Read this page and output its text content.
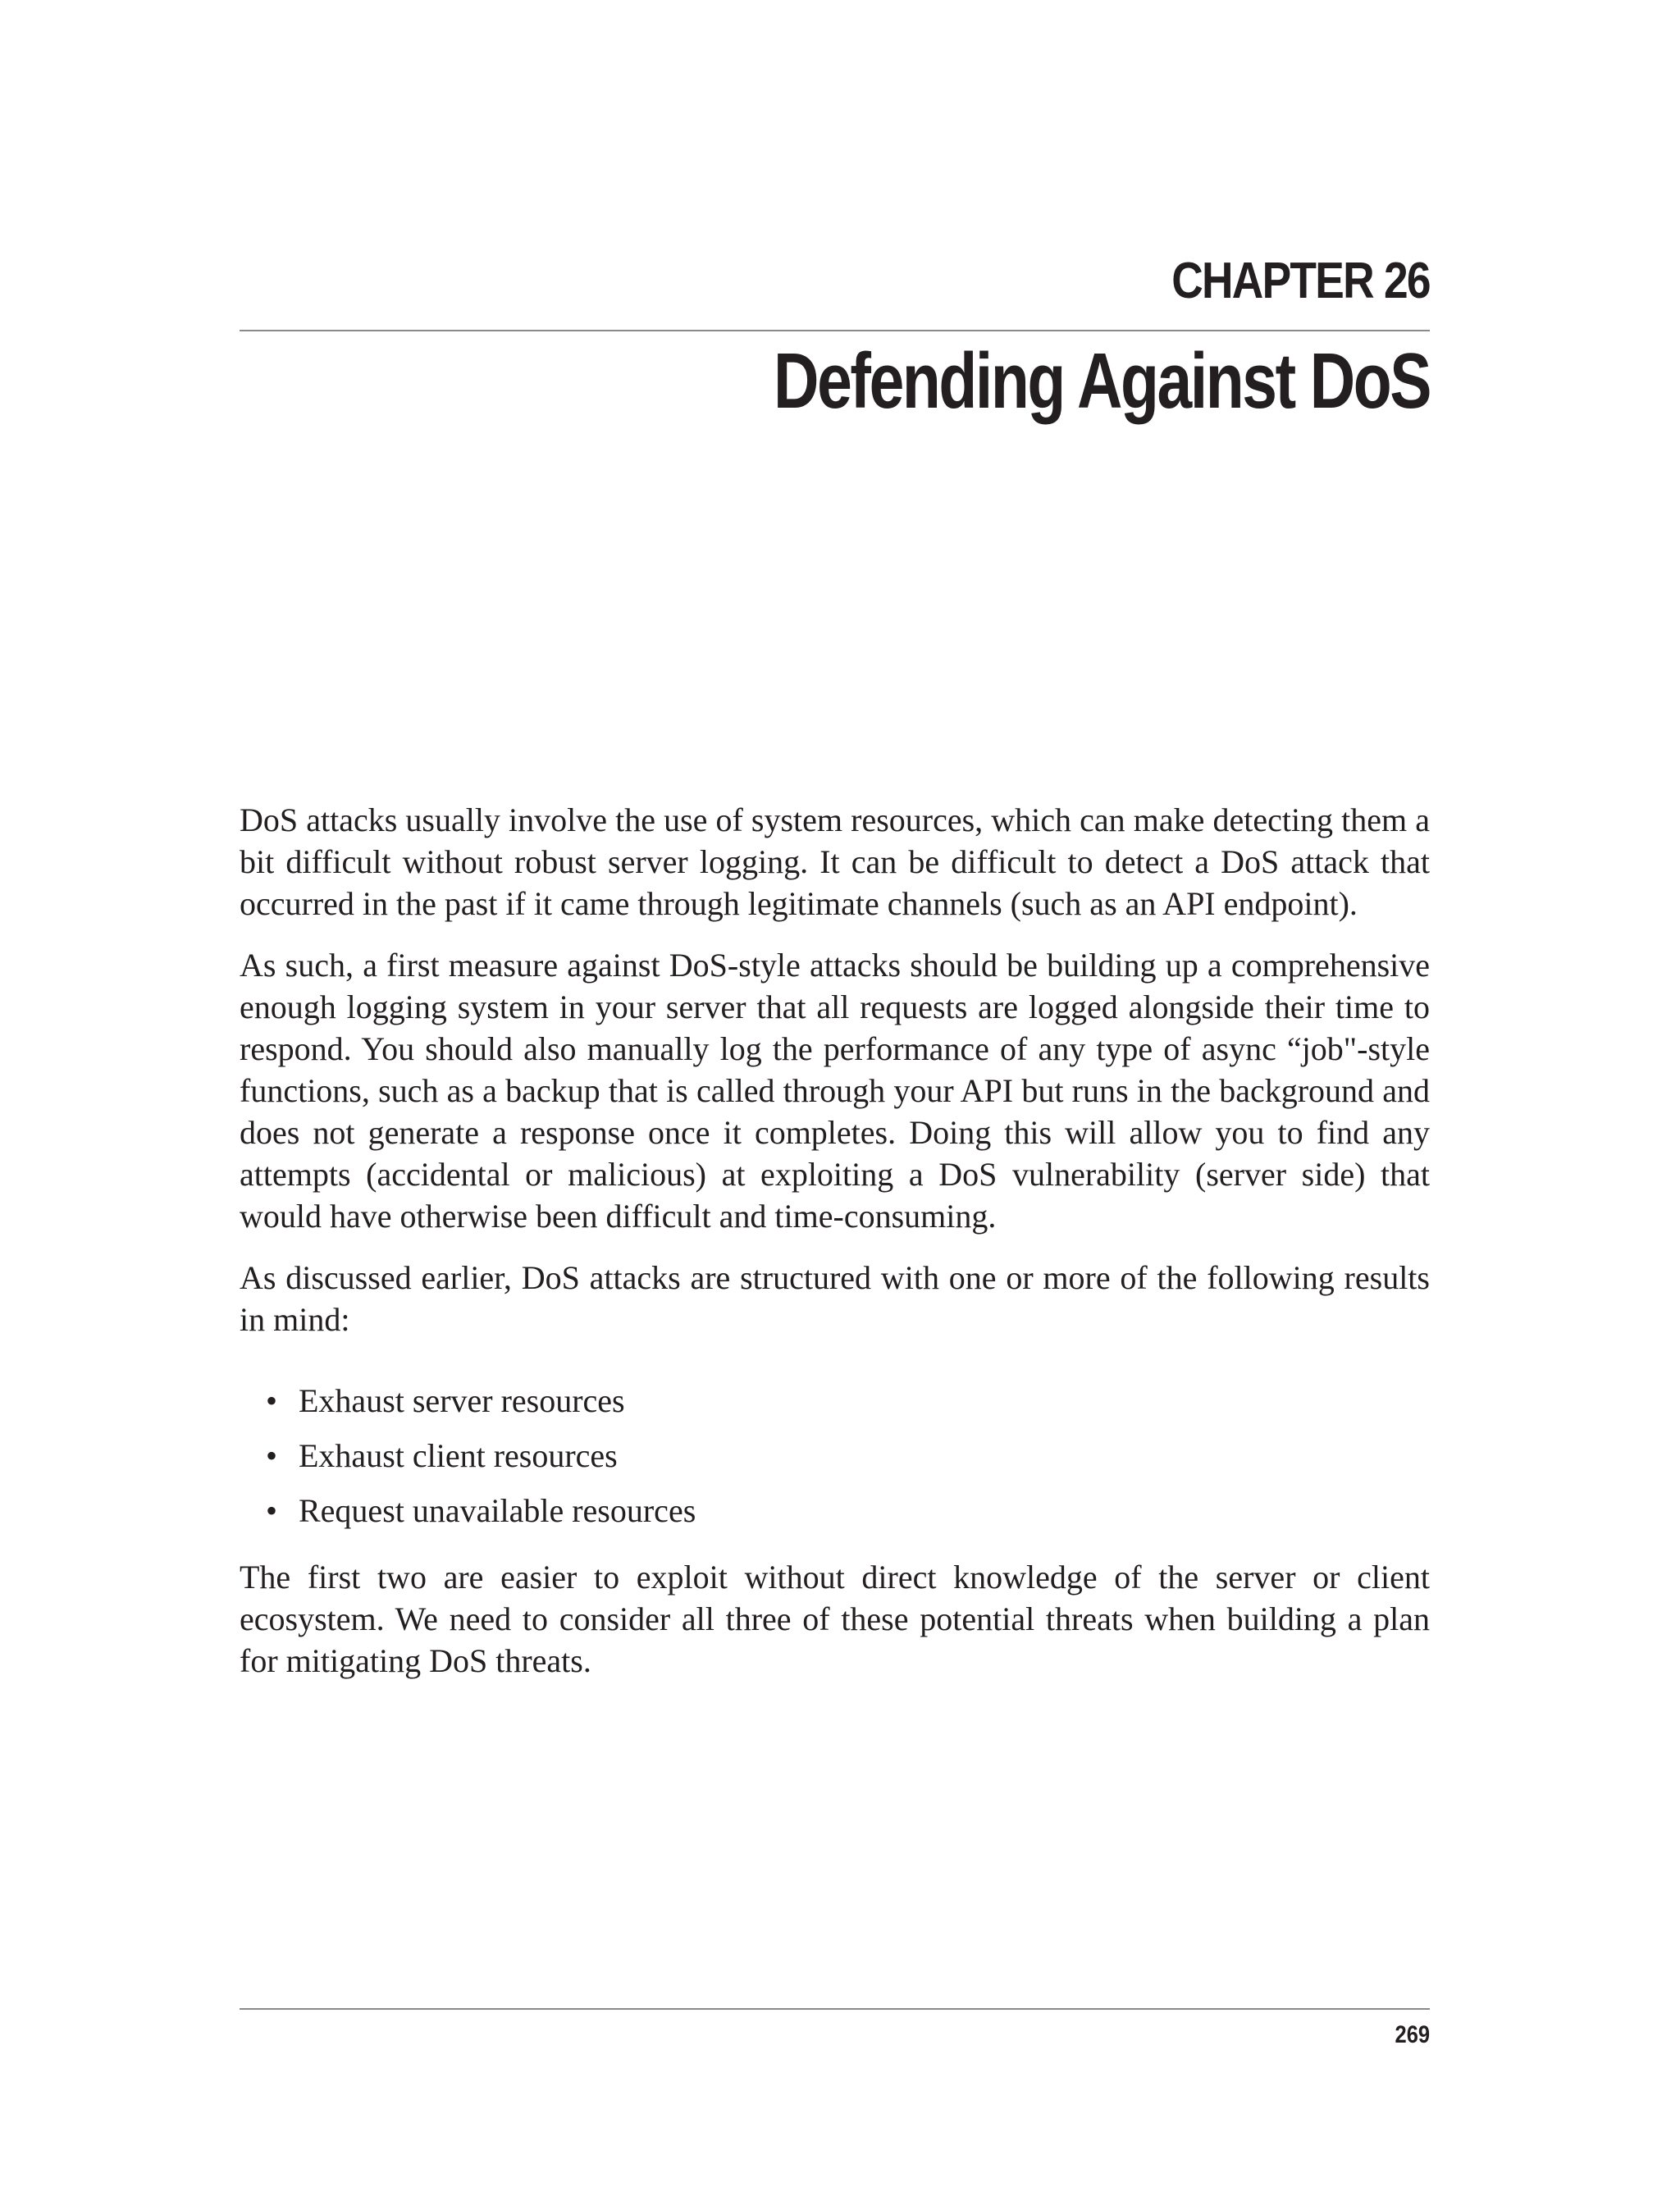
CHAPTER 26
Defending Against DoS

DoS attacks usually involve the use of system resources, which can make detecting them a bit difficult without robust server logging. It can be difficult to detect a DoS attack that occurred in the past if it came through legitimate channels (such as an API endpoint).

As such, a first measure against DoS-style attacks should be building up a comprehensive enough logging system in your server that all requests are logged alongside their time to respond. You should also manually log the performance of any type of async “job"-style functions, such as a backup that is called through your API but runs in the background and does not generate a response once it completes. Doing this will allow you to find any attempts (accidental or malicious) at exploiting a DoS vulnerability (server side) that would have otherwise been difficult and time-consuming.

As discussed earlier, DoS attacks are structured with one or more of the following results in mind:

• Exhaust server resources
• Exhaust client resources
• Request unavailable resources

The first two are easier to exploit without direct knowledge of the server or client ecosystem. We need to consider all three of these potential threats when building a plan for mitigating DoS threats.

269
